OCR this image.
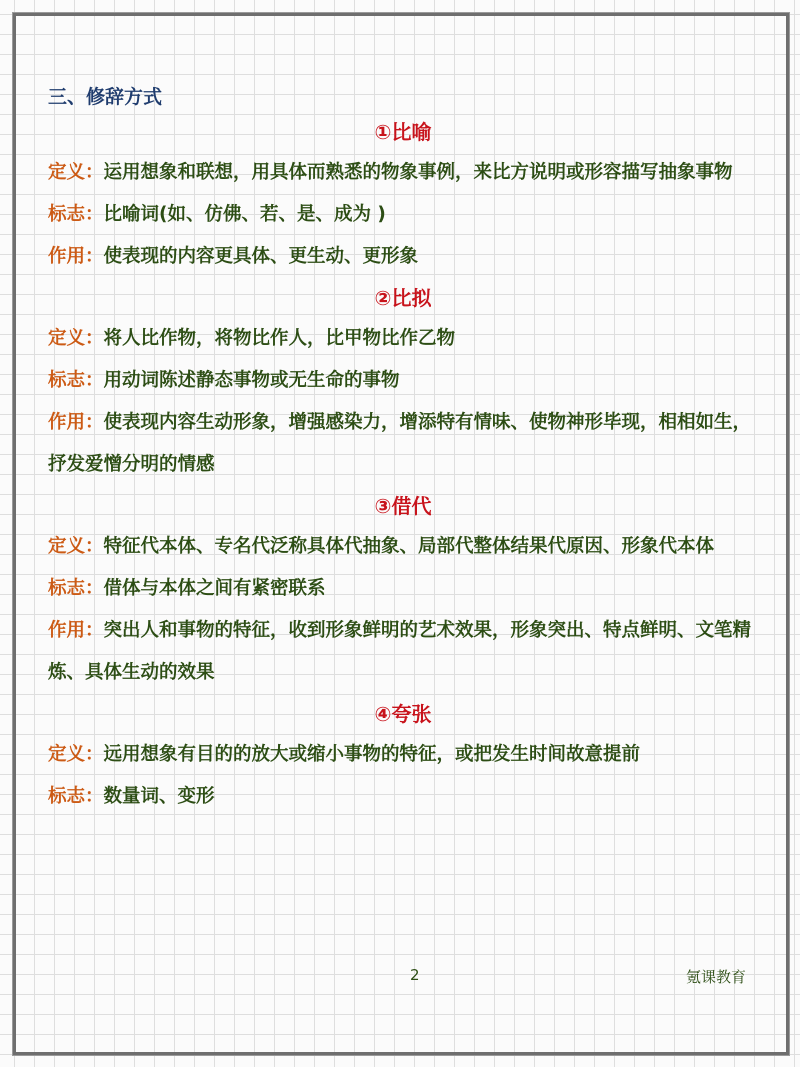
三、修辞方式
①比喻

定义：运用想象和联想，用具体而熟悉的物象事例，来比方说明或形容描写抽象事物

标志：比喻词(如、仿佛、若、是、成为 )

作用：使表现的内容更具体、更生动、更形象

②比拟

定义：将人比作物，将物比作人，比甲物比作乙物

标志：用动词陈述静态事物或无生命的事物

作用：使表现内容生动形象，增强感染力，增添特有情味、使物神形毕现，相相如生，抒发爱憎分明的情感

③借代

定义：特征代本体、专名代泛称具体代抽象、局部代整体结果代原因、形象代本体

标志：借体与本体之间有紧密联系

作用：突出人和事物的特征，收到形象鲜明的艺术效果，形象突出、特点鲜明、文笔精炼、具体生动的效果

④夸张

定义：远用想象有目的的放大或缩小事物的特征，或把发生时间故意提前

标志：数量词、变形

2	氪课教育
